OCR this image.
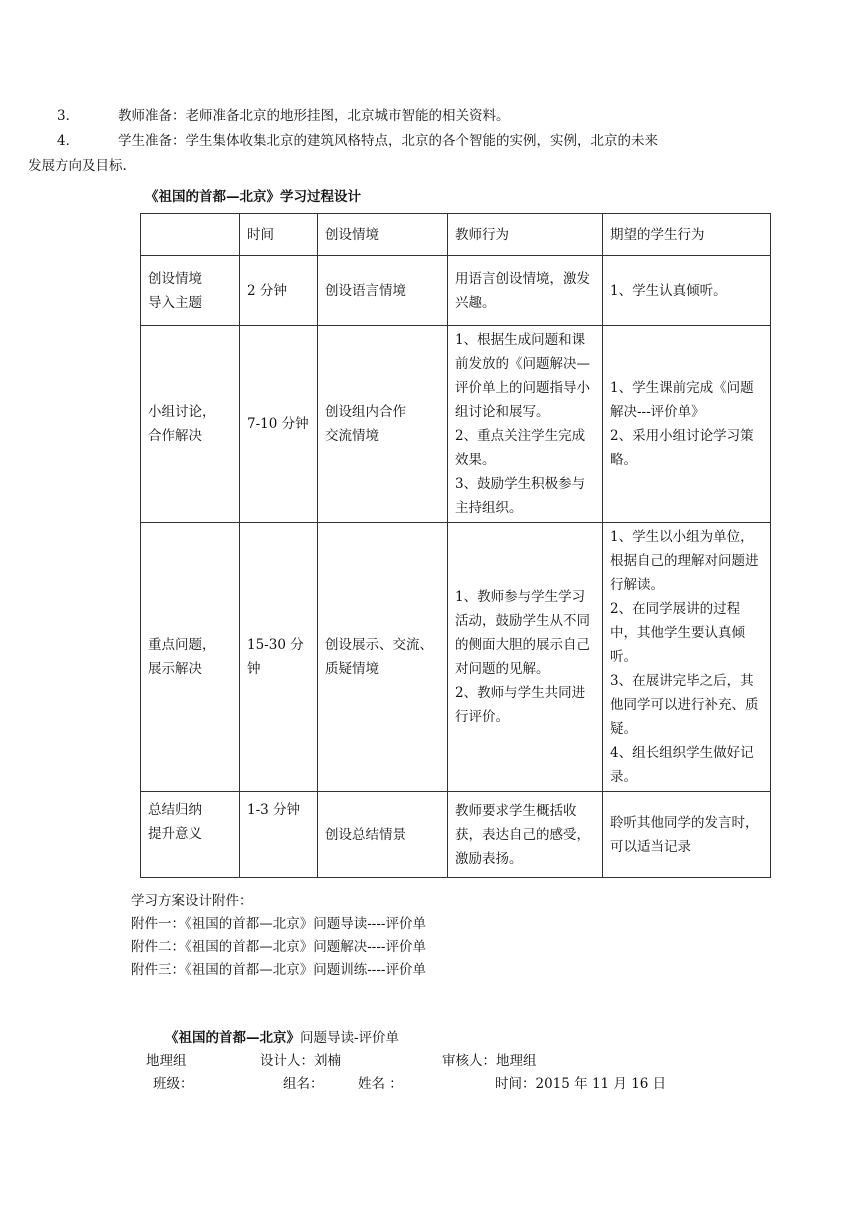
3．	教师准备：老师准备北京的地形挂图，北京城市智能的相关资料。
4．	学生准备：学生集体收集北京的建筑风格特点，北京的各个智能的实例，实例，北京的未来
发展方向及目标.
《祖国的首都—北京》学习过程设计
	时间	创设情境	教师行为	期望的学生行为

创设情境
导入主题	2 分钟	创设语言情境	用语言创设情境，激发兴趣。	1、学生认真倾听。

小组讨论，
合作解决	7-10 分钟	创设组内合作
交流情境	1、根据生成问题和课前发放的《问题解决—评价单上的问题指导小组讨论和展写。
2、重点关注学生完成效果。
3、鼓励学生积极参与主持组织。	1、学生课前完成《问题解决---评价单》
2、采用小组讨论学习策略。

重点问题，
展示解决	15-30 分钟	创设展示、交流、质疑情境	1、教师参与学生学习活动，鼓励学生从不同的侧面大胆的展示自己对问题的见解。
2、教师与学生共同进行评价。	1、学生以小组为单位，根据自己的理解对问题进行解读。
2、在同学展讲的过程中，其他学生要认真倾听。
3、在展讲完毕之后，其他同学可以进行补充、质疑。
4、组长组织学生做好记录。

总结归纳
提升意义	1-3 分钟	创设总结情景	教师要求学生概括收获，表达自己的感受，激励表扬。	聆听其他同学的发言时，可以适当记录
学习方案设计附件：
附件一：《祖国的首都—北京》问题导读----评价单
附件二：《祖国的首都—北京》问题解决----评价单
附件三：《祖国的首都—北京》问题训练----评价单
《祖国的首都—北京》问题导读-评价单
地理组	设计人：刘楠	审核人：地理组
班级：	组名：	姓名 ：	时间：2015 年 11 月 16 日
